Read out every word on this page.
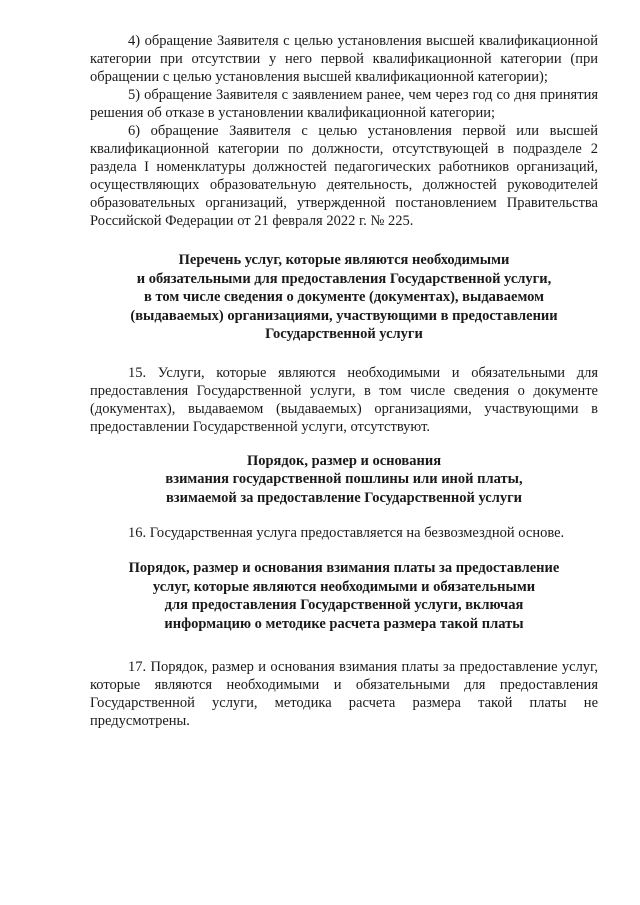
4) обращение Заявителя с целью установления высшей квалификационной категории при отсутствии у него первой квалификационной категории (при обращении с целью установления высшей квалификационной категории);

5) обращение Заявителя с заявлением ранее, чем через год со дня принятия решения об отказе в установлении квалификационной категории;

6) обращение Заявителя с целью установления первой или высшей квалификационной категории по должности, отсутствующей в подразделе 2 раздела I номенклатуры должностей педагогических работников организаций, осуществляющих образовательную деятельность, должностей руководителей образовательных организаций, утвержденной постановлением Правительства Российской Федерации от 21 февраля 2022 г. № 225.

Перечень услуг, которые являются необходимыми
и обязательными для предоставления Государственной услуги,
в том числе сведения о документе (документах), выдаваемом
(выдаваемых) организациями, участвующими в предоставлении
Государственной услуги

15. Услуги, которые являются необходимыми и обязательными для предоставления Государственной услуги, в том числе сведения о документе (документах), выдаваемом (выдаваемых) организациями, участвующими в предоставлении Государственной услуги, отсутствуют.

Порядок, размер и основания
взимания государственной пошлины или иной платы,
взимаемой за предоставление Государственной услуги

16. Государственная услуга предоставляется на безвозмездной основе.

Порядок, размер и основания взимания платы за предоставление
услуг, которые являются необходимыми и обязательными
для предоставления Государственной услуги, включая
информацию о методике расчета размера такой платы

17. Порядок, размер и основания взимания платы за предоставление услуг, которые являются необходимыми и обязательными для предоставления Государственной услуги, методика расчета размера такой платы не предусмотрены.
